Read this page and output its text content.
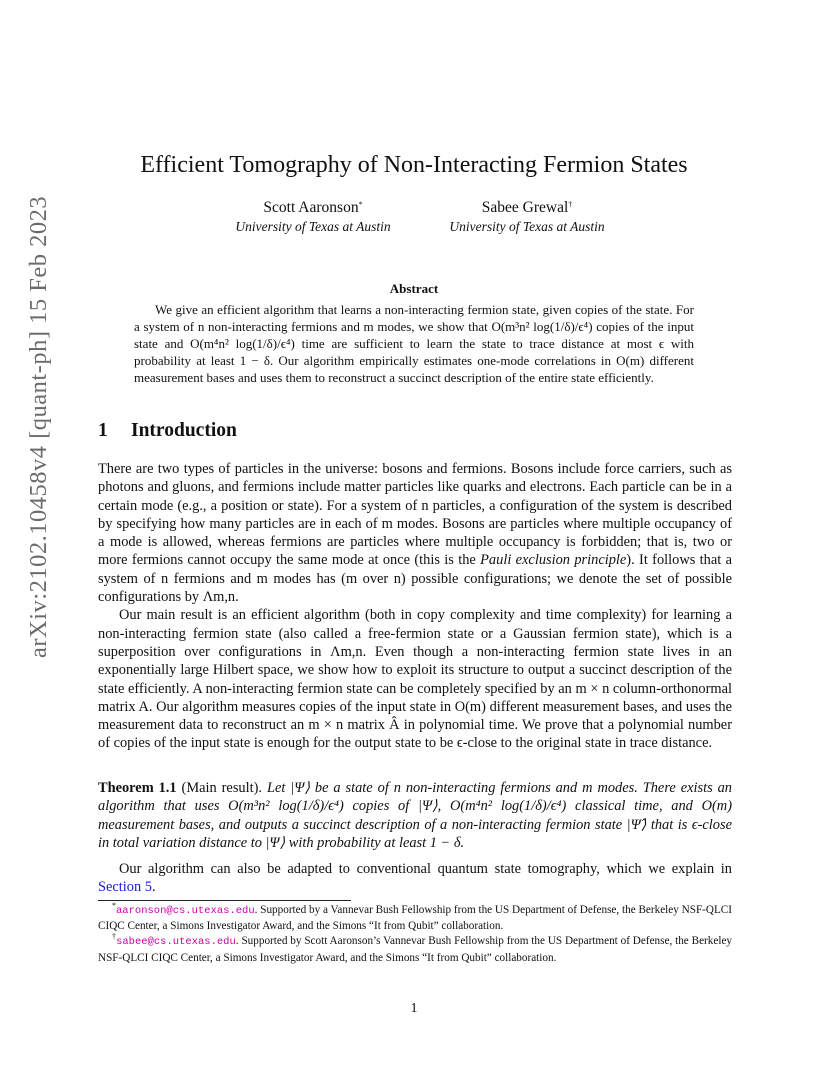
arXiv:2102.10458v4 [quant-ph] 15 Feb 2023
Efficient Tomography of Non-Interacting Fermion States
Scott Aaronson*
University of Texas at Austin
Sabee Grewal†
University of Texas at Austin
Abstract

We give an efficient algorithm that learns a non-interacting fermion state, given copies of the state. For a system of n non-interacting fermions and m modes, we show that O(m³n² log(1/δ)/ϵ⁴) copies of the input state and O(m⁴n² log(1/δ)/ϵ⁴) time are sufficient to learn the state to trace distance at most ϵ with probability at least 1 − δ. Our algorithm empirically estimates one-mode correlations in O(m) different measurement bases and uses them to reconstruct a succinct description of the entire state efficiently.

1 Introduction

There are two types of particles in the universe: bosons and fermions. Bosons include force carriers, such as photons and gluons, and fermions include matter particles like quarks and electrons. Each particle can be in a certain mode (e.g., a position or state). For a system of n particles, a configuration of the system is described by specifying how many particles are in each of m modes. Bosons are particles where multiple occupancy of a mode is allowed, whereas fermions are particles where multiple occupancy is forbidden; that is, two or more fermions cannot occupy the same mode at once (this is the Pauli exclusion principle). It follows that a system of n fermions and m modes has (m over n) possible configurations; we denote the set of possible configurations by Λm,n.

Our main result is an efficient algorithm (both in copy complexity and time complexity) for learning a non-interacting fermion state (also called a free-fermion state or a Gaussian fermion state), which is a superposition over configurations in Λm,n. Even though a non-interacting fermion state lives in an exponentially large Hilbert space, we show how to exploit its structure to output a succinct description of the state efficiently. A non-interacting fermion state can be completely specified by an m × n column-orthonormal matrix A. Our algorithm measures copies of the input state in O(m) different measurement bases, and uses the measurement data to reconstruct an m × n matrix Â in polynomial time. We prove that a polynomial number of copies of the input state is enough for the output state to be ϵ-close to the original state in trace distance.

Theorem 1.1 (Main result). Let |Ψ⟩ be a state of n non-interacting fermions and m modes. There exists an algorithm that uses O(m³n² log(1/δ)/ϵ⁴) copies of |Ψ⟩, O(m⁴n² log(1/δ)/ϵ⁴) classical time, and O(m) measurement bases, and outputs a succinct description of a non-interacting fermion state |Ψ̂⟩ that is ϵ-close in total variation distance to |Ψ⟩ with probability at least 1 − δ.

Our algorithm can also be adapted to conventional quantum state tomography, which we explain in Section 5.

*aaronson@cs.utexas.edu. Supported by a Vannevar Bush Fellowship from the US Department of Defense, the Berkeley NSF-QLCI CIQC Center, a Simons Investigator Award, and the Simons “It from Qubit” collaboration.

†sabee@cs.utexas.edu. Supported by Scott Aaronson’s Vannevar Bush Fellowship from the US Department of Defense, the Berkeley NSF-QLCI CIQC Center, a Simons Investigator Award, and the Simons “It from Qubit” collaboration.

1
